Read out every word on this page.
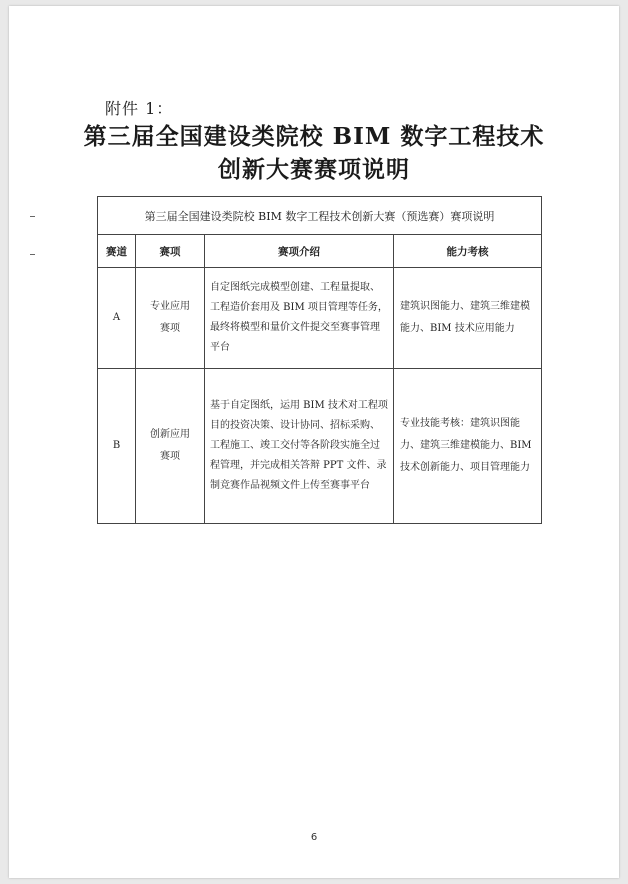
附件 1：
第三届全国建设类院校 BIM 数字工程技术
创新大赛赛项说明
第三届全国建设类院校 BIM 数字工程技术创新大赛（预选赛）赛项说明			
赛道	赛项	赛项介绍	能力考核
A	专业应用赛项	自定图纸完成模型创建、工程量提取、工程造价套用及 BIM 项目管理等任务，最终将模型和量价文件提交至赛事管理平台	建筑识图能力、建筑三维建模能力、BIM 技术应用能力
B	创新应用赛项	基于自定图纸，运用 BIM 技术对工程项目的投资决策、设计协同、招标采购、工程施工、竣工交付等各阶段实施全过程管理，并完成相关答辩 PPT 文件、录制竞赛作品视频文件上传至赛事平台	专业技能考核：建筑识图能力、建筑三维建模能力、BIM 技术创新能力、项目管理能力
6
